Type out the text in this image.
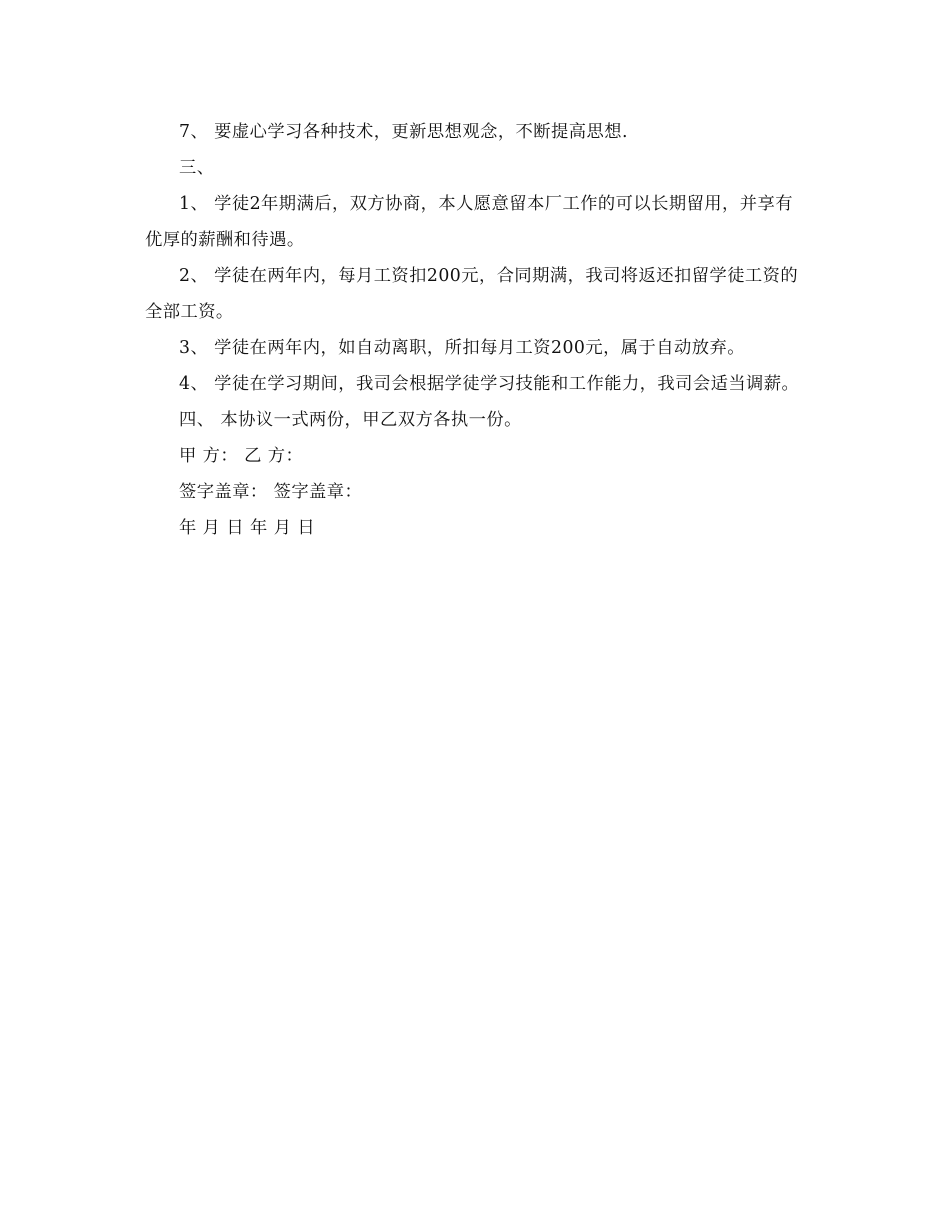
7、 要虚心学习各种技术，更新思想观念，不断提高思想.

三、

1、 学徒2年期满后，双方协商，本人愿意留本厂工作的可以长期留用，并享有优厚的薪酬和待遇。

2、 学徒在两年内，每月工资扣200元，合同期满，我司将返还扣留学徒工资的 全部工资。

3、 学徒在两年内，如自动离职，所扣每月工资200元，属于自动放弃。

4、 学徒在学习期间，我司会根据学徒学习技能和工作能力，我司会适当调薪。

四、 本协议一式两份，甲乙双方各执一份。

甲 方： 乙 方：

签字盖章： 签字盖章：

年 月 日 年 月 日
